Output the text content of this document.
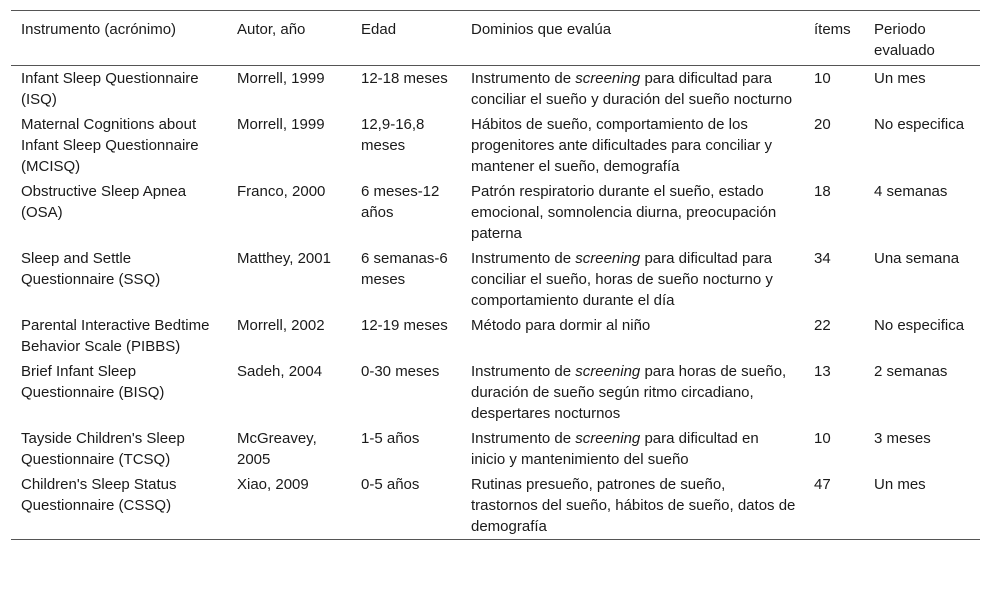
Instrumento (acrónimo)	Autor, año	Edad	Dominios que evalúa	ítems	Periodo evaluado
Infant Sleep Questionnaire (ISQ)	Morrell, 1999	12-18 meses	Instrumento de screening para dificultad para conciliar el sueño y duración del sueño nocturno	10	Un mes
Maternal Cognitions about Infant Sleep Questionnaire (MCISQ)	Morrell, 1999	12,9-16,8 meses	Hábitos de sueño, comportamiento de los progenitores ante dificultades para conciliar y mantener el sueño, demografía	20	No especifica
Obstructive Sleep Apnea (OSA)	Franco, 2000	6 meses-12 años	Patrón respiratorio durante el sueño, estado emocional, somnolencia diurna, preocupación paterna	18	4 semanas
Sleep and Settle Questionnaire (SSQ)	Matthey, 2001	6 semanas-6 meses	Instrumento de screening para dificultad para conciliar el sueño, horas de sueño nocturno y comportamiento durante el día	34	Una semana
Parental Interactive Bedtime Behavior Scale (PIBBS)	Morrell, 2002	12-19 meses	Método para dormir al niño	22	No especifica
Brief Infant Sleep Questionnaire (BISQ)	Sadeh, 2004	0-30 meses	Instrumento de screening para horas de sueño, duración de sueño según ritmo circadiano, despertares nocturnos	13	2 semanas
Tayside Children's Sleep Questionnaire (TCSQ)	McGreavey, 2005	1-5 años	Instrumento de screening para dificultad en inicio y mantenimiento del sueño	10	3 meses
Children's Sleep Status Questionnaire (CSSQ)	Xiao, 2009	0-5 años	Rutinas presueño, patrones de sueño, trastornos del sueño, hábitos de sueño, datos de demografía	47	Un mes
